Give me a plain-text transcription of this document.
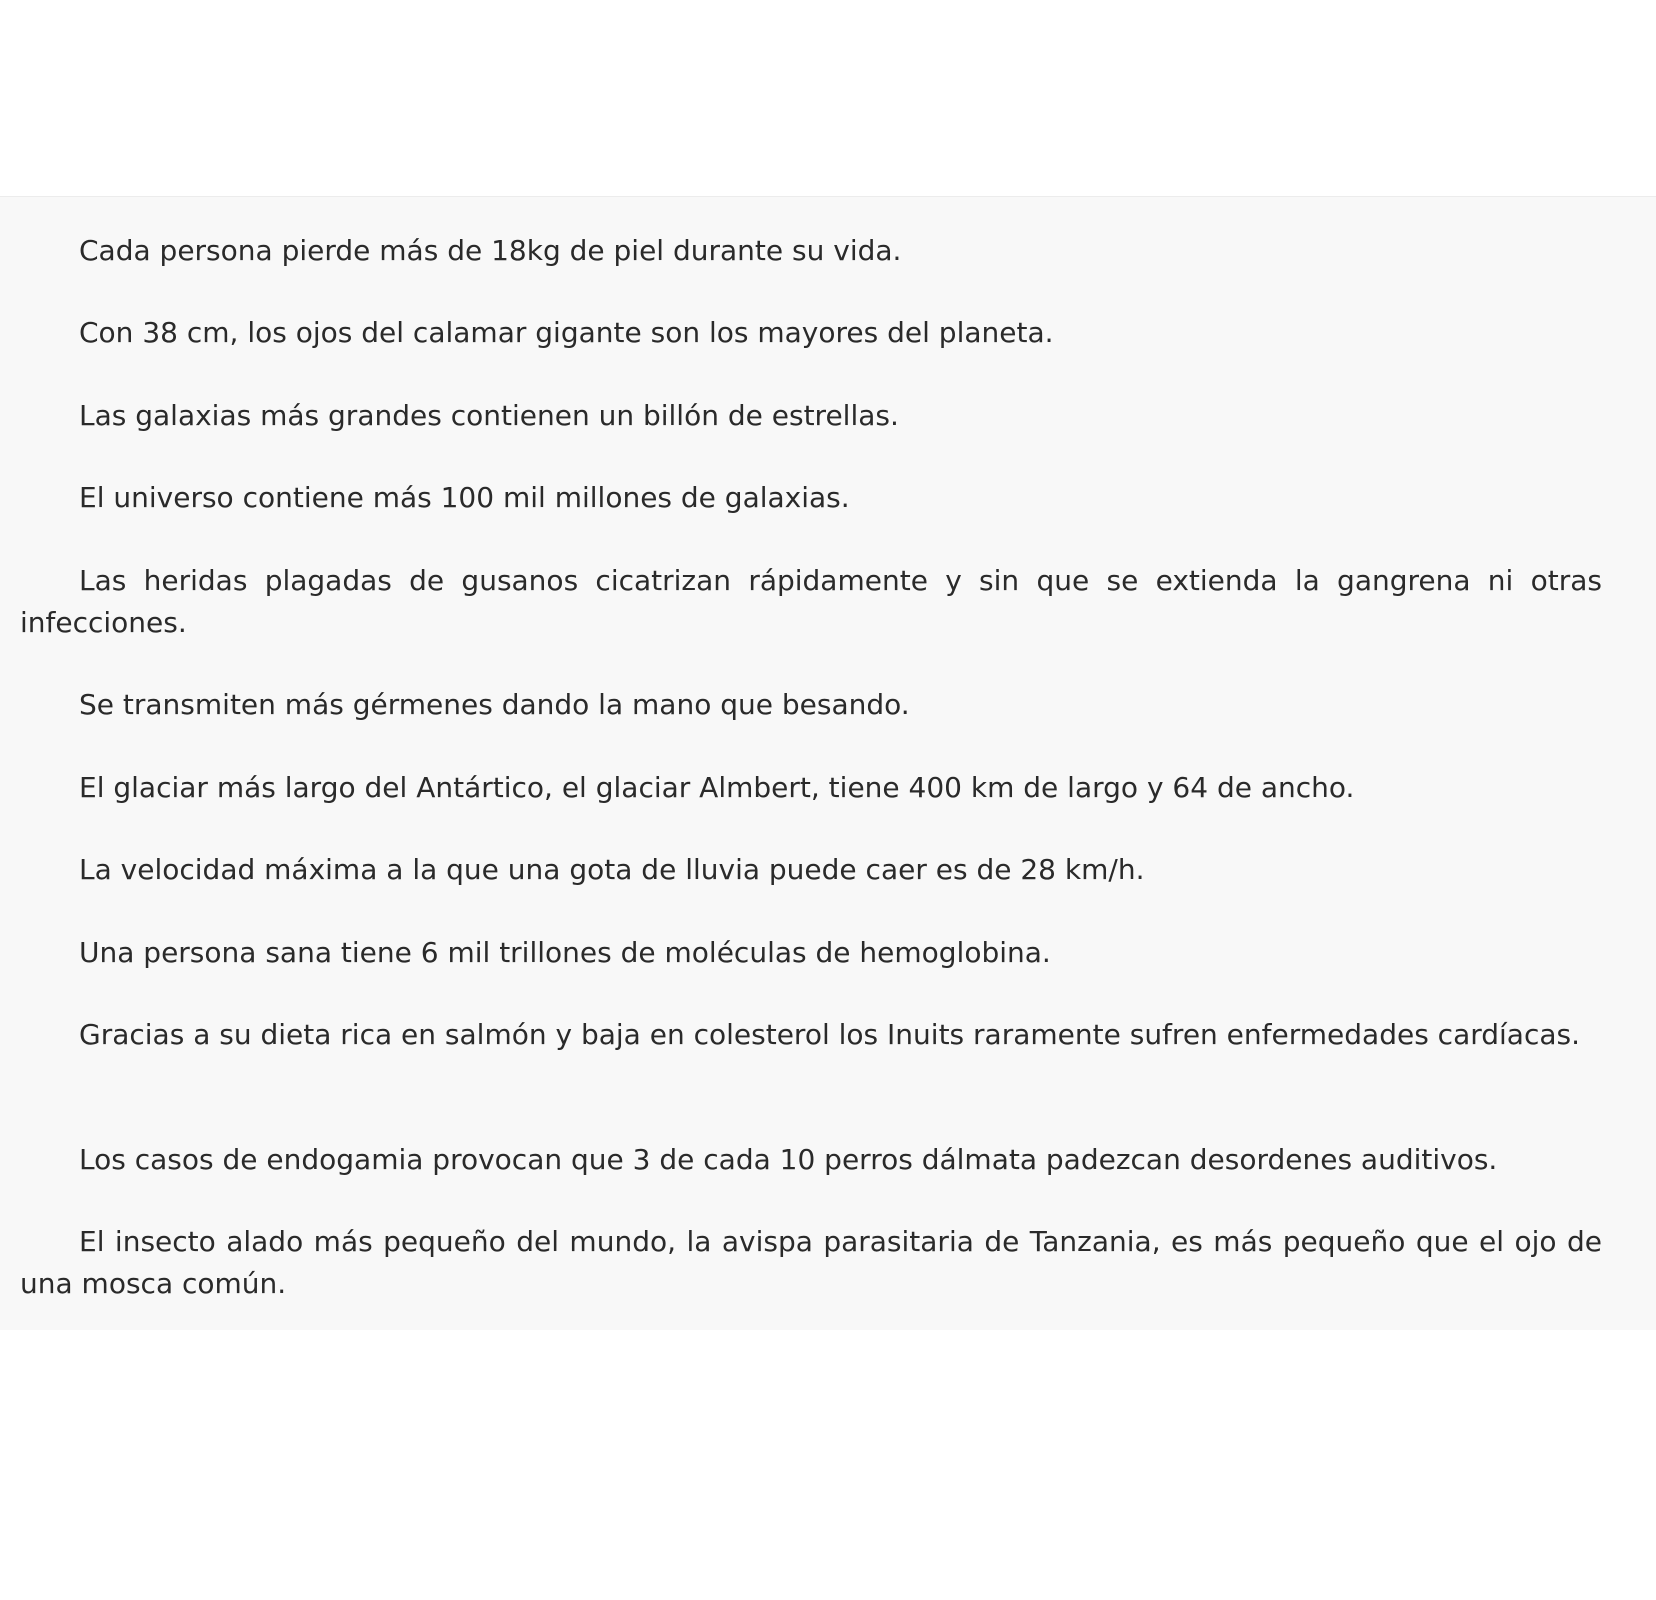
Cada persona pierde más de 18kg de piel durante su vida.

Con 38 cm, los ojos del calamar gigante son los mayores del planeta.

Las galaxias más grandes contienen un billón de estrellas.

El universo contiene más 100 mil millones de galaxias.

Las heridas plagadas de gusanos cicatrizan rápidamente y sin que se extienda la gangrena ni otras infecciones.

Se transmiten más gérmenes dando la mano que besando.

El glaciar más largo del Antártico, el glaciar Almbert, tiene 400 km de largo y 64 de ancho.

La velocidad máxima a la que una gota de lluvia puede caer es de 28 km/h.

Una persona sana tiene 6 mil trillones de moléculas de hemoglobina.

Gracias a su dieta rica en salmón y baja en colesterol los Inuits raramente sufren enfermedades cardíacas.

Los casos de endogamia provocan que 3 de cada 10 perros dálmata padezcan desordenes auditivos.

El insecto alado más pequeño del mundo, la avispa parasitaria de Tanzania, es más pequeño que el ojo de una mosca común.
